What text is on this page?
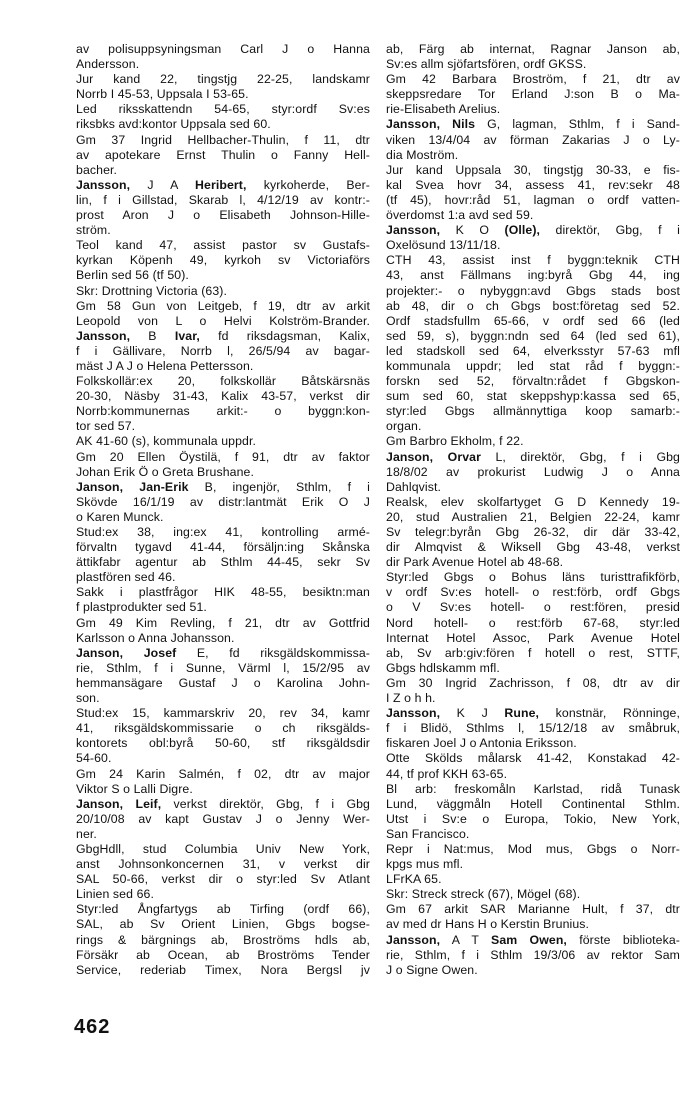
av polisuppsyningsman Carl J o Hanna
Andersson.
Jur kand 22, tingstjg 22-25, landskamr
Norrb I 45-53, Uppsala I 53-65.
Led riksskattendn 54-65, styr:ordf Sv:es
riksbks avd:kontor Uppsala sed 60.
Gm 37 Ingrid Hellbacher-Thulin, f 11, dtr
av apotekare Ernst Thulin o Fanny Hell-
bacher.
Jansson, J A Heribert, kyrkoherde, Ber-
lin, f i Gillstad, Skarab l, 4/12/19 av kontr:-
prost Aron J o Elisabeth Johnson-Hille-
ström.
Teol kand 47, assist pastor sv Gustafs-
kyrkan Köpenh 49, kyrkoh sv Victoriaförs
Berlin sed 56 (tf 50).
Skr: Drottning Victoria (63).
Gm 58 Gun von Leitgeb, f 19, dtr av arkit
Leopold von L o Helvi Kolström-Brander.
Jansson, B Ivar, fd riksdagsman, Kalix,
f i Gällivare, Norrb l, 26/5/94 av bagar-
mäst J A J o Helena Pettersson.
Folkskollär:ex 20, folkskollär Båtskärsnäs
20-30, Näsby 31-43, Kalix 43-57, verkst dir
Norrb:kommunernas arkit:- o byggn:kon-
tor sed 57.
AK 41-60 (s), kommunala uppdr.
Gm 20 Ellen Öystilä, f 91, dtr av faktor
Johan Erik Ö o Greta Brushane.
Janson, Jan-Erik B, ingenjör, Sthlm, f i
Skövde 16/1/19 av distr:lantmät Erik O J
o Karen Munck.
Stud:ex 38, ing:ex 41, kontrolling armé-
förvaltn tygavd 41-44, försäljn:ing Skånska
ättikfabr agentur ab Sthlm 44-45, sekr Sv
plastfören sed 46.
Sakk i plastfrågor HIK 48-55, besiktn:man
f plastprodukter sed 51.
Gm 49 Kim Revling, f 21, dtr av Gottfrid
Karlsson o Anna Johansson.
Janson, Josef E, fd riksgäldskommissa-
rie, Sthlm, f i Sunne, Värml l, 15/2/95 av
hemmansägare Gustaf J o Karolina John-
son.
Stud:ex 15, kammarskriv 20, rev 34, kamr
41, riksgäldskommissarie o ch riksgälds-
kontorets obl:byrå 50-60, stf riksgäldsdir
54-60.
Gm 24 Karin Salmén, f 02, dtr av major
Viktor S o Lalli Digre.
Janson, Leif, verkst direktör, Gbg, f i Gbg
20/10/08 av kapt Gustav J o Jenny Wer-
ner.
GbgHdll, stud Columbia Univ New York,
anst Johnsonkoncernen 31, v verkst dir
SAL 50-66, verkst dir o styr:led Sv Atlant
Linien sed 66.
Styr:led Ångfartygs ab Tirfing (ordf 66),
SAL, ab Sv Orient Linien, Gbgs bogse-
rings & bärgnings ab, Broströms hdls ab,
Försäkr ab Ocean, ab Broströms Tender
Service, rederiab Timex, Nora Bergsl jv
ab, Färg ab internat, Ragnar Janson ab,
Sv:es allm sjöfartsfören, ordf GKSS.
Gm 42 Barbara Broström, f 21, dtr av
skeppsredare Tor Erland J:son B o Ma-
rie-Elisabeth Arelius.
Jansson, Nils G, lagman, Sthlm, f i Sand-
viken 13/4/04 av förman Zakarias J o Ly-
dia Moström.
Jur kand Uppsala 30, tingstjg 30-33, e fis-
kal Svea hovr 34, assess 41, rev:sekr 48
(tf 45), hovr:råd 51, lagman o ordf vatten-
överdomst 1:a avd sed 59.
Jansson, K O (Olle), direktör, Gbg, f i
Oxelösund 13/11/18.
CTH 43, assist inst f byggn:teknik CTH
43, anst Fällmans ing:byrå Gbg 44, ing
projekter:- o nybyggn:avd Gbgs stads bost
ab 48, dir o ch Gbgs bost:företag sed 52.
Ordf stadsfullm 65-66, v ordf sed 66 (led
sed 59, s), byggn:ndn sed 64 (led sed 61),
led stadskoll sed 64, elverksstyr 57-63 mfl
kommunala uppdr; led stat råd f byggn:-
forskn sed 52, förvaltn:rådet f Gbgskon-
sum sed 60, stat skeppshyp:kassa sed 65,
styr:led Gbgs allmännyttiga koop samarb:-
organ.
Gm Barbro Ekholm, f 22.
Janson, Orvar L, direktör, Gbg, f i Gbg
18/8/02 av prokurist Ludwig J o Anna
Dahlqvist.
Realsk, elev skolfartyget G D Kennedy 19-
20, stud Australien 21, Belgien 22-24, kamr
Sv telegr:byrån Gbg 26-32, dir där 33-42,
dir Almqvist & Wiksell Gbg 43-48, verkst
dir Park Avenue Hotel ab 48-68.
Styr:led Gbgs o Bohus läns turisttrafikförb,
v ordf Sv:es hotell- o rest:förb, ordf Gbgs
o V Sv:es hotell- o rest:fören, presid
Nord hotell- o rest:förb 67-68, styr:led
Internat Hotel Assoc, Park Avenue Hotel
ab, Sv arb:giv:fören f hotell o rest, STTF,
Gbgs hdlskamm mfl.
Gm 30 Ingrid Zachrisson, f 08, dtr av dir
I Z o h h.
Jansson, K J Rune, konstnär, Rönninge,
f i Blidö, Sthlms l, 15/12/18 av småbruk,
fiskaren Joel J o Antonia Eriksson.
Otte Skölds målarsk 41-42, Konstakad 42-
44, tf prof KKH 63-65.
Bl arb: freskomåln Karlstad, ridå Tunask
Lund, väggmåln Hotell Continental Sthlm.
Utst i Sv:e o Europa, Tokio, New York,
San Francisco.
Repr i Nat:mus, Mod mus, Gbgs o Norr-
kpgs mus mfl.
LFrKA 65.
Skr: Streck streck (67), Mögel (68).
Gm 67 arkit SAR Marianne Hult, f 37, dtr
av med dr Hans H o Kerstin Brunius.
Jansson, A T Sam Owen, förste biblioteka-
rie, Sthlm, f i Sthlm 19/3/06 av rektor Sam
J o Signe Owen.
462
